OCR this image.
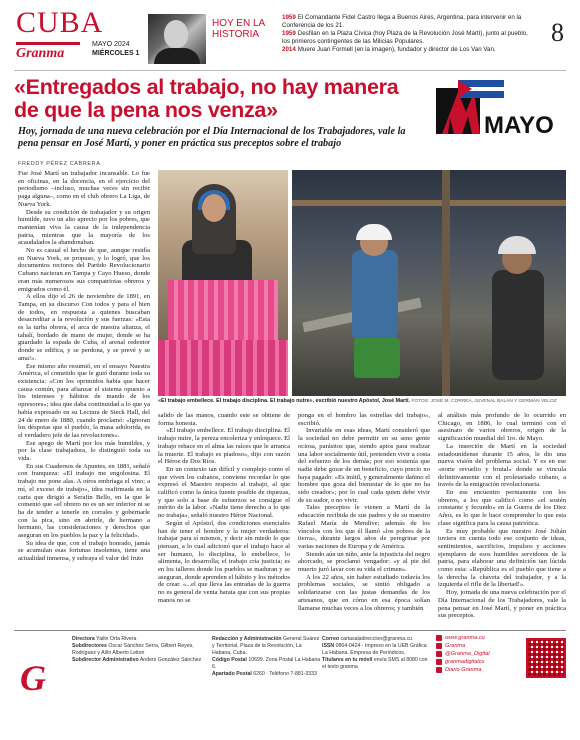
CUBA
Granma
MAYO 2024
MIÉRCOLES 1
HOY EN LA
HISTORIA
1959 El Comandante Fidel Castro llega a Buenos Aires, Argentina, para intervenir en la Conferencia de los 21.
1959 Desfilan en la Plaza Cívica (hoy Plaza de la Revolución José Martí), junto al pueblo, los primeros contingentes de las Milicias Populares.
2014 Muere Juan Formell (en la imagen), fundador y director de Los Van Van.
8
«Entregados al trabajo, no hay manera de que la pena nos venza»

Hoy, jornada de una nueva celebración por el Día Internacional de los Trabajadores, vale la pena pensar en José Martí, y poner en práctica sus preceptos sobre el trabajo

MAYO
FREDDY PÉREZ CABRERA

Fue José Martí un trabajador incansable. Lo fue en oficinas, en la docencia, en el ejercicio del periodismo –incluso, muchas veces sin recibir paga alguna–, como en el club obrero La Liga, de Nueva York.

Desde su condición de trabajador y su origen humilde, tuvo un alto aprecio por los pobres, que mantenían viva la causa de la independencia patria, mientras que la mayoría de los acaudalados la abandonaban.

No es casual el hecho de que, aunque residía en Nueva York, se propuso, y lo logró, que los documentos rectores del Partido Revolucionario Cubano nacieran en Tampa y Cayo Hueso, donde eran más numerosos sus compatriotas obreros y emigrados como él.

A ellos dijo el 26 de noviembre de 1891, en Tampa, en su discurso Con todos y para el bien de todos, en respuesta a quienes buscaban desacreditar a la revolución y sus fuerzas: «Esta es la turba obrera, el arca de nuestra alianza, el tahalí, bordado de mano de mujer, donde se ha guardado la espada de Cuba, el arenal redentor donde se edifica, y se perdona, y se prevé y se ama!».

Ese mismo año resumió, en el ensayo Nuestra América, el cometido que le guió durante toda su existencia: «Con los oprimidos había que hacer causa común, para afianzar el sistema opuesto a los intereses y hábitos de mando de los opresores»; idea que daba continuidad a lo que ya había expresado en su Lectura de Steck Hall, del 24 de enero de 1880, cuando proclamó: «Ignoran los déspotas que el pueblo, la masa adolorida, es el verdadero jefe de las revoluciones».

Ese apego de Martí por los más humildes, y por la clase trabajadora, lo distinguió toda su vida.

En sus Cuadernos de Apuntes, en 1881, señaló con franqueza: «El trabajo me engolosina. El trabajo me pone alas. A otros embriaga el vino; a mí, el exceso de trabajo», idea reafirmada en la carta que dirigió a Serafín Bello, en la que le comentó que «el obrero no es un ser inferior ni se ha de tender a tenerle en corrales y gobernarle con la pica, sino en abrirle, de hermano a hermano, las consideraciones y derechos que aseguran en los pueblos la paz y la felicidad».

Su idea de que, con el trabajo honrado, jamás se acumulan esas fortunas insolentes, tiene una actualidad inmensa, y subraya el valor del fruto

«El trabajo embellece. El trabajo disciplina. El trabajo nutre», escribió nuestro Apóstol, José Martí. FOTOS: JOSÉ M. CORREA, JUVENAL BALÁN Y GERMÁN VELOZ

salido de las manos, cuando este se obtiene de forma honesta.

«El trabajo embellece. El trabajo disciplina. El trabajo nutre, la pereza encoleriza y enloquece. El trabajo rehace en el alma las raíces que le arranca la muerte. El trabajo es piadoso», dijo con razón el Héroe de Dos Ríos.

En un contexto tan difícil y complejo como el que viven los cubanos, conviene recordar lo que expresó el Maestro respecto al trabajo, al que calificó como la única fuente posible de riquezas, y que solo a base de esfuerzos se consigue el mérito de la labor. «Nadie tiene derecho a lo que no trabaja», señaló nuestro Héroe Nacional.

Según el Apóstol, dos condiciones esenciales han de tener el hombre y la mujer verdaderos: trabajar para sí mismos, y decir sin miedo lo que piensan, a lo cual adicionó que el trabajo hace al ser humano, lo disciplina, lo embellece, lo alimenta, lo desarrolla; el trabajo cría justicia; es en los talleres donde los pueblos se maduran y se aseguran, donde aprenden el hábito y los métodos de crear. «...el que lleva las entrañas de la guerra no es general de venta barata que con sus propias manos no se

ponga en el hombro las estrellas del trabajo», escribió.

Invariable en esas ideas, Martí consideró que la sociedad no debe permitir en su seno gente ociosa, parásitos que, siendo aptos para realizar una labor socialmente útil, pretenden vivir a costa del esfuerzo de los demás; por eso sostenía que nadie debe gozar de un beneficio, cuyo precio no haya pagado: «Es inútil, y generalmente dañino el hombre que goza del bienestar de lo que no ha sido creador»; por lo cual cada quien debe vivir de su sudor, o no vivir.

Tales preceptos le vienen a Martí de la educación recibida de sus padres y de su maestro Rafael María de Mendive; además de los vínculos con los que él llamó «los pobres de la tierra», durante largos años de peregrinar por varias naciones de Europa y de América.

Siendo aún un niño, ante la injusticia del negro ahorcado, se proclamó vengador: «y al pie del muerto juró lavar con su vida el crimen».

A los 22 años, sin haber estudiado todavía los problemas sociales, se sintió obligado a solidarizarse con las justas demandas de los artesanos, que en cómo en esa época solían llamarse muchas veces a los obreros; y también

al análisis más profundo de lo ocurrido en Chicago, en 1886, lo cual terminó con el asesinato de varios obreros, origen de la significación mundial del 1ro. de Mayo.

La inserción de Martí en la sociedad estadounidense durante 15 años, le dio una nueva visión del problema social. Y es en ese «norte revuelto y brutal» donde se vincula definitivamente con el proletariado cubano, a través de la emigración revolucionaria.

En ese encuentro permanente con los obreros, a los que calificó como «el sostén constante y fecundo» en la Guerra de los Diez Años, es lo que le hace comprender lo que esta clase significa para la causa patriótica.

Es muy probable que nuestro José Julián tuviera en cuenta todo ese conjunto de ideas, sentimientos, sacrificios, impulsos y acciones ejemplares de esos humildes servidores de la patria, para elaborar una definición tan lúcida como esta: «República es el pueblo que tiene a la derecha la chaveta del trabajador, y a la izquierda el rifle de la libertad!».

Hoy, jornada de una nueva celebración por el Día Internacional de los Trabajadores, vale la pena pensar en José Martí, y poner en práctica sus preceptos.

G
Directora Yailin Orta Rivera
Subdirectores Oscar Sánchez Serra, Gilbert Reyes, Rodríguez y Ailín Alberto Leiton
Subdirector Administrativo Anders González Sánchez
Redacción y Administración General Suárez y Territorial, Plaza de la Revolución, La Habana, Cuba.
Código Postal 10699. Zona Postal La Habana 6.
Apartado Postal 6260 · Teléfono 7-881-3333
Correo cartasaladireccion@granma.cu
ISSN 0864-0424 · Impreso en la UEB Gráfica La Habana. Empresa de Periódicos.
Títulares en tu móvil envía SMS al 8080 con el texto granma
www.granma.cu
Granma
@Granma_Digital
granmadigitalcu
Diario Granma
